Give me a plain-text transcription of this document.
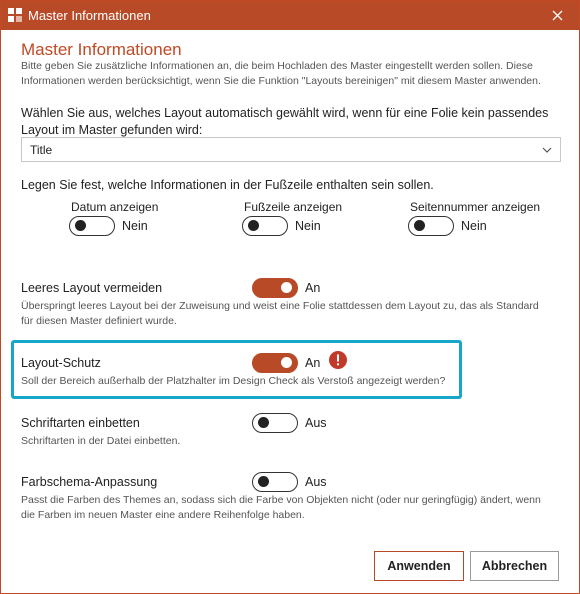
Master Informationen
Master Informationen
Bitte geben Sie zusätzliche Informationen an, die beim Hochladen des Master eingestellt werden sollen. Diese Informationen werden berücksichtigt, wenn Sie die Funktion "Layouts bereinigen" mit diesem Master anwenden.
Wählen Sie aus, welches Layout automatisch gewählt wird, wenn für eine Folie kein passendes Layout im Master gefunden wird:
Title
Legen Sie fest, welche Informationen in der Fußzeile enthalten sein sollen.
Datum anzeigen
Nein
Fußzeile anzeigen
Nein
Seitennummer anzeigen
Nein
Leeres Layout vermeiden	An
Überspringt leeres Layout bei der Zuweisung und weist eine Folie stattdessen dem Layout zu, das als Standard für diesen Master definiert wurde.
Layout-Schutz	An
Soll der Bereich außerhalb der Platzhalter im Design Check als Verstoß angezeigt werden?
Schriftarten einbetten	Aus
Schriftarten in der Datei einbetten.
Farbschema-Anpassung	Aus
Passt die Farben des Themes an, sodass sich die Farbe von Objekten nicht (oder nur geringfügig) ändert, wenn die Farben im neuen Master eine andere Reihenfolge haben.
Anwenden	Abbrechen
